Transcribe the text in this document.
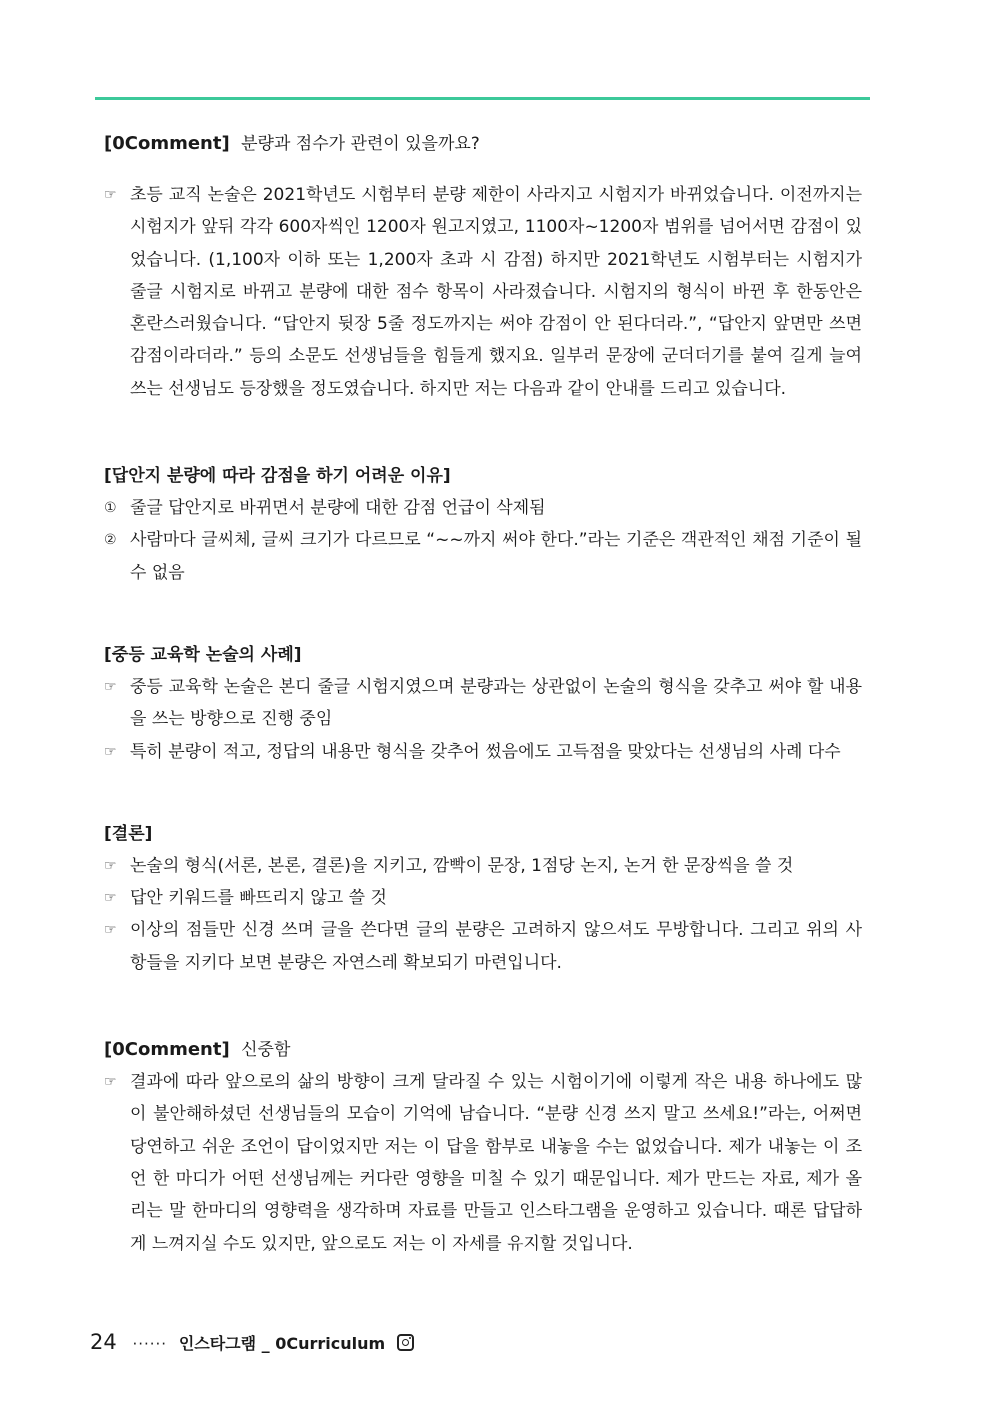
[0Comment] 분량과 점수가 관련이 있을까요?
☞ 초등 교직 논술은 2021학년도 시험부터 분량 제한이 사라지고 시험지가 바뀌었습니다. 이전까지는 시험지가 앞뒤 각각 600자씩인 1200자 원고지였고, 1100자~1200자 범위를 넘어서면 감점이 있었습니다. (1,100자 이하 또는 1,200자 초과 시 감점) 하지만 2021학년도 시험부터는 시험지가 줄글 시험지로 바뀌고 분량에 대한 점수 항목이 사라졌습니다. 시험지의 형식이 바뀐 후 한동안은 혼란스러웠습니다. “답안지 뒷장 5줄 정도까지는 써야 감점이 안 된다더라.”, “답안지 앞면만 쓰면 감점이라더라.” 등의 소문도 선생님들을 힘들게 했지요. 일부러 문장에 군더더기를 붙여 길게 늘여 쓰는 선생님도 등장했을 정도였습니다. 하지만 저는 다음과 같이 안내를 드리고 있습니다.
[답안지 분량에 따라 감점을 하기 어려운 이유]
① 줄글 답안지로 바뀌면서 분량에 대한 감점 언급이 삭제됨
② 사람마다 글씨체, 글씨 크기가 다르므로 “~~까지 써야 한다.”라는 기준은 객관적인 채점 기준이 될 수 없음
[중등 교육학 논술의 사례]
☞ 중등 교육학 논술은 본디 줄글 시험지였으며 분량과는 상관없이 논술의 형식을 갖추고 써야 할 내용을 쓰는 방향으로 진행 중임
☞ 특히 분량이 적고, 정답의 내용만 형식을 갖추어 썼음에도 고득점을 맞았다는 선생님의 사례 다수
[결론]
☞ 논술의 형식(서론, 본론, 결론)을 지키고, 깜빡이 문장, 1점당 논지, 논거 한 문장씩을 쓸 것
☞ 답안 키워드를 빠뜨리지 않고 쓸 것
☞ 이상의 점들만 신경 쓰며 글을 쓴다면 글의 분량은 고려하지 않으셔도 무방합니다. 그리고 위의 사항들을 지키다 보면 분량은 자연스레 확보되기 마련입니다.
[0Comment] 신중함
☞ 결과에 따라 앞으로의 삶의 방향이 크게 달라질 수 있는 시험이기에 이렇게 작은 내용 하나에도 많이 불안해하셨던 선생님들의 모습이 기억에 남습니다. “분량 신경 쓰지 말고 쓰세요!”라는, 어쩌면 당연하고 쉬운 조언이 답이었지만 저는 이 답을 함부로 내놓을 수는 없었습니다. 제가 내놓는 이 조언 한 마디가 어떤 선생님께는 커다란 영향을 미칠 수 있기 때문입니다. 제가 만드는 자료, 제가 올리는 말 한마디의 영향력을 생각하며 자료를 만들고 인스타그램을 운영하고 있습니다. 때론 답답하게 느껴지실 수도 있지만, 앞으로도 저는 이 자세를 유지할 것입니다.
24 ······ 인스타그램 _ 0Curriculum
